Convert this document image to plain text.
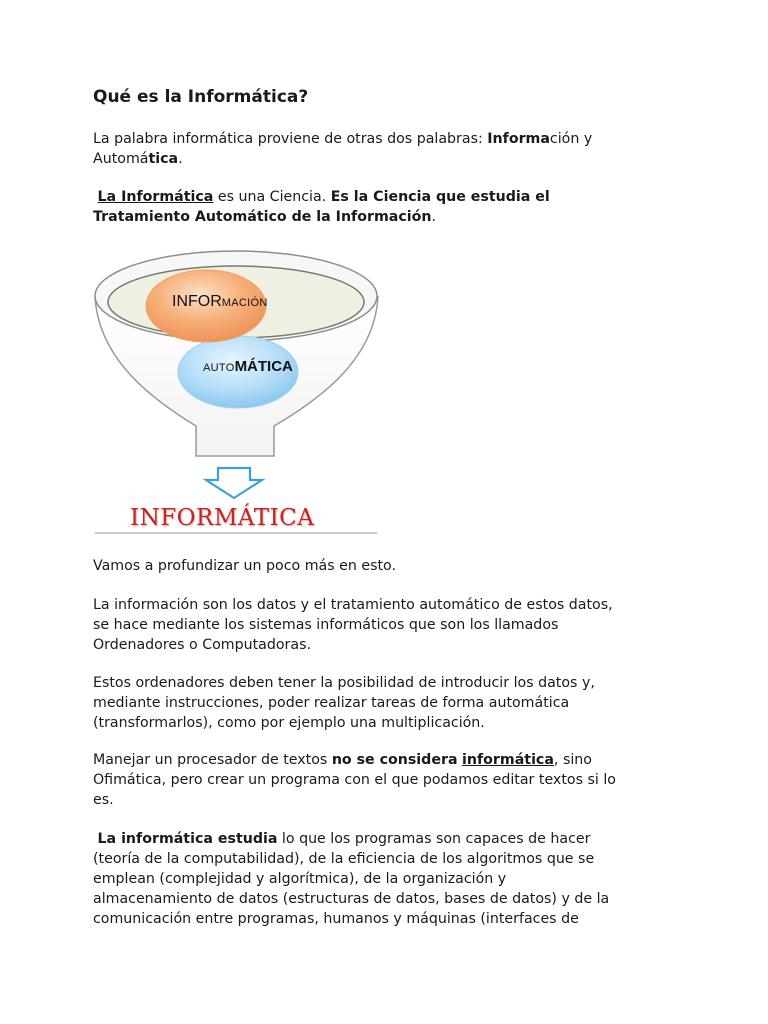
Qué es la Informática?

La palabra informática proviene de otras dos palabras: Información y
Automática.

La Informática es una Ciencia. Es la Ciencia que estudia el
Tratamiento Automático de la Información.

INFORMACIÓN
AUTOMÁTICA
INFORMÁTICA

Vamos a profundizar un poco más en esto.

La información son los datos y el tratamiento automático de estos datos,
se hace mediante los sistemas informáticos que son los llamados
Ordenadores o Computadoras.

Estos ordenadores deben tener la posibilidad de introducir los datos y,
mediante instrucciones, poder realizar tareas de forma automática
(transformarlos), como por ejemplo una multiplicación.

Manejar un procesador de textos no se considera informática, sino
Ofimática, pero crear un programa con el que podamos editar textos si lo
es.

La informática estudia lo que los programas son capaces de hacer
(teoría de la computabilidad), de la eficiencia de los algoritmos que se
emplean (complejidad y algorítmica), de la organización y
almacenamiento de datos (estructuras de datos, bases de datos) y de la
comunicación entre programas, humanos y máquinas (interfaces de
